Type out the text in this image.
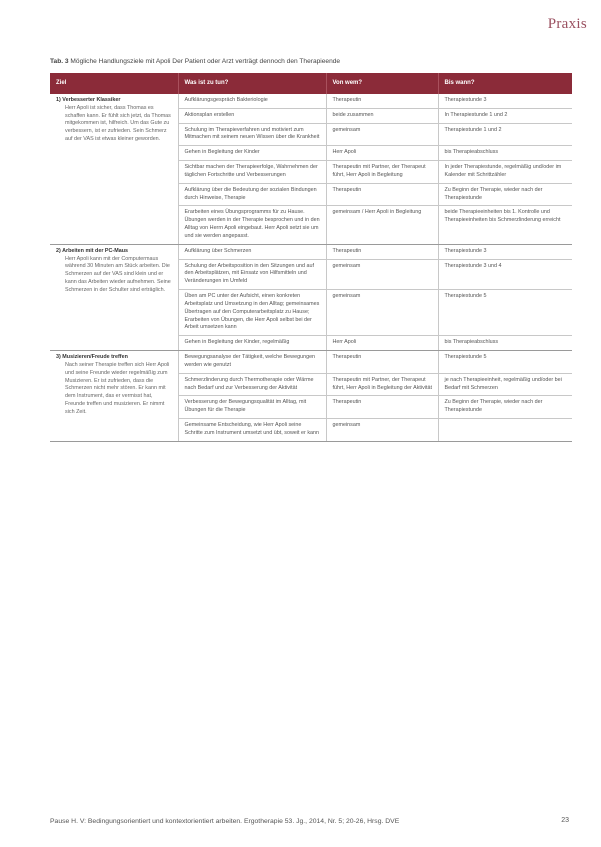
Praxis
Tab. 3 Mögliche Handlungsziele mit Apoli Der Patient oder Arzt verträgt dennoch den Therapieende
Ziel	Was ist zu tun?	Von wem?	Bis wann?

1) Verbesserter Klassiker
Herr Apoli ist sicher, dass Thomas es schaffen kann. Er fühlt sich jetzt, da Thomas mitgekommen ist, hilfreich. Um das Gute zu verbessern, ist er zufrieden. Sein Schmerz auf der VAS ist etwas kleiner geworden.	Aufklärungsgespräch Bakteriologie	Therapeutin	Therapiestunde 3
	Aktionsplan erstellen	beide zusammen	In Therapiestunde 1 und 2
	Schulung im Therapieverfahren und motiviert zum Mitmachen mit seinem neuen Wissen über die Krankheit	gemeinsam	Therapiestunde 1 und 2
	Gehen in Begleitung der Kinder	Herr Apoli	bis Therapieabschluss
	Sichtbar machen der Therapieerfolge, Wahrnehmen der täglichen Fortschritte und Verbesserungen	Therapeutin mit Partner, der Therapeut führt, Herr Apoli in Begleitung	In jeder Therapiestunde, regelmäßig und/oder im Kalender mit Schrittzähler
	Aufklärung über die Bedeutung der sozialen Bindungen durch Hinweise, Therapie	Therapeutin	Zu Beginn der Therapie, wieder nach der Therapiestunde
	Erarbeiten eines Übungsprogramms für zu Hause. Übungen werden in der Therapie besprochen und in den Alltag von Herrn Apoli eingebaut. Herr Apoli setzt sie um und sie werden angepasst.	gemeinsam / Herr Apoli in Begleitung	beide Therapieeinheiten bis 1. Kontrolle und Therapieeinheiten bis Schmerzlinderung erreicht

2) Arbeiten mit der PC-Maus
Herr Apoli kann mit der Computermaus während 30 Minuten am Stück arbeiten. Die Schmerzen auf der VAS sind klein und er kann das Arbeiten wieder aufnehmen. Seine Schmerzen in der Schulter sind erträglich.	Aufklärung über Schmerzen	Therapeutin	Therapiestunde 3
	Schulung der Arbeitsposition in den Sitzungen und auf den Arbeitsplätzen, mit Einsatz von Hilfsmitteln und Veränderungen im Umfeld	gemeinsam	Therapiestunde 3 und 4
	Üben am PC unter der Aufsicht, einen konkreten Arbeitsplatz und Umsetzung in den Alltag; gemeinsames Übertragen auf den Computerarbeitsplatz zu Hause; Erarbeiten von Übungen, die Herr Apoli selbst bei der Arbeit umsetzen kann	gemeinsam	Therapiestunde 5
	Gehen in Begleitung der Kinder, regelmäßig	Herr Apoli	bis Therapieabschluss

3) Musizieren/Freude treffen
Nach seiner Therapie treffen sich Herr Apoli und seine Freunde wieder regelmäßig zum Musizieren. Er ist zufrieden, dass die Schmerzen nicht mehr stören. Er kann mit dem Instrument, das er vermisst hat, Freunde treffen und musizieren. Er nimmt sich Zeit.	Bewegungsanalyse der Tätigkeit, welche Bewegungen werden wie genutzt	Therapeutin	Therapiestunde 5
	Schmerzlinderung durch Thermotherapie oder Wärme nach Bedarf und zur Verbesserung der Aktivität	Therapeutin mit Partner, der Therapeut führt, Herr Apoli in Begleitung der Aktivität	je nach Therapieeinheit, regelmäßig und/oder bei Bedarf mit Schmerzen
	Verbesserung der Bewegungsqualität im Alltag, mit Übungen für die Therapie	Therapeutin	Zu Beginn der Therapie, wieder nach der Therapiestunde
	Gemeinsame Entscheidung, wie Herr Apoli seine Schritte zum Instrument umsetzt und übt, soweit er kann	gemeinsam	
Pause H. V: Bedingungsorientiert und kontextorientiert arbeiten. Ergotherapie 53. Jg., 2014, Nr. 5; 20-26, Hrsg. DVE	23
